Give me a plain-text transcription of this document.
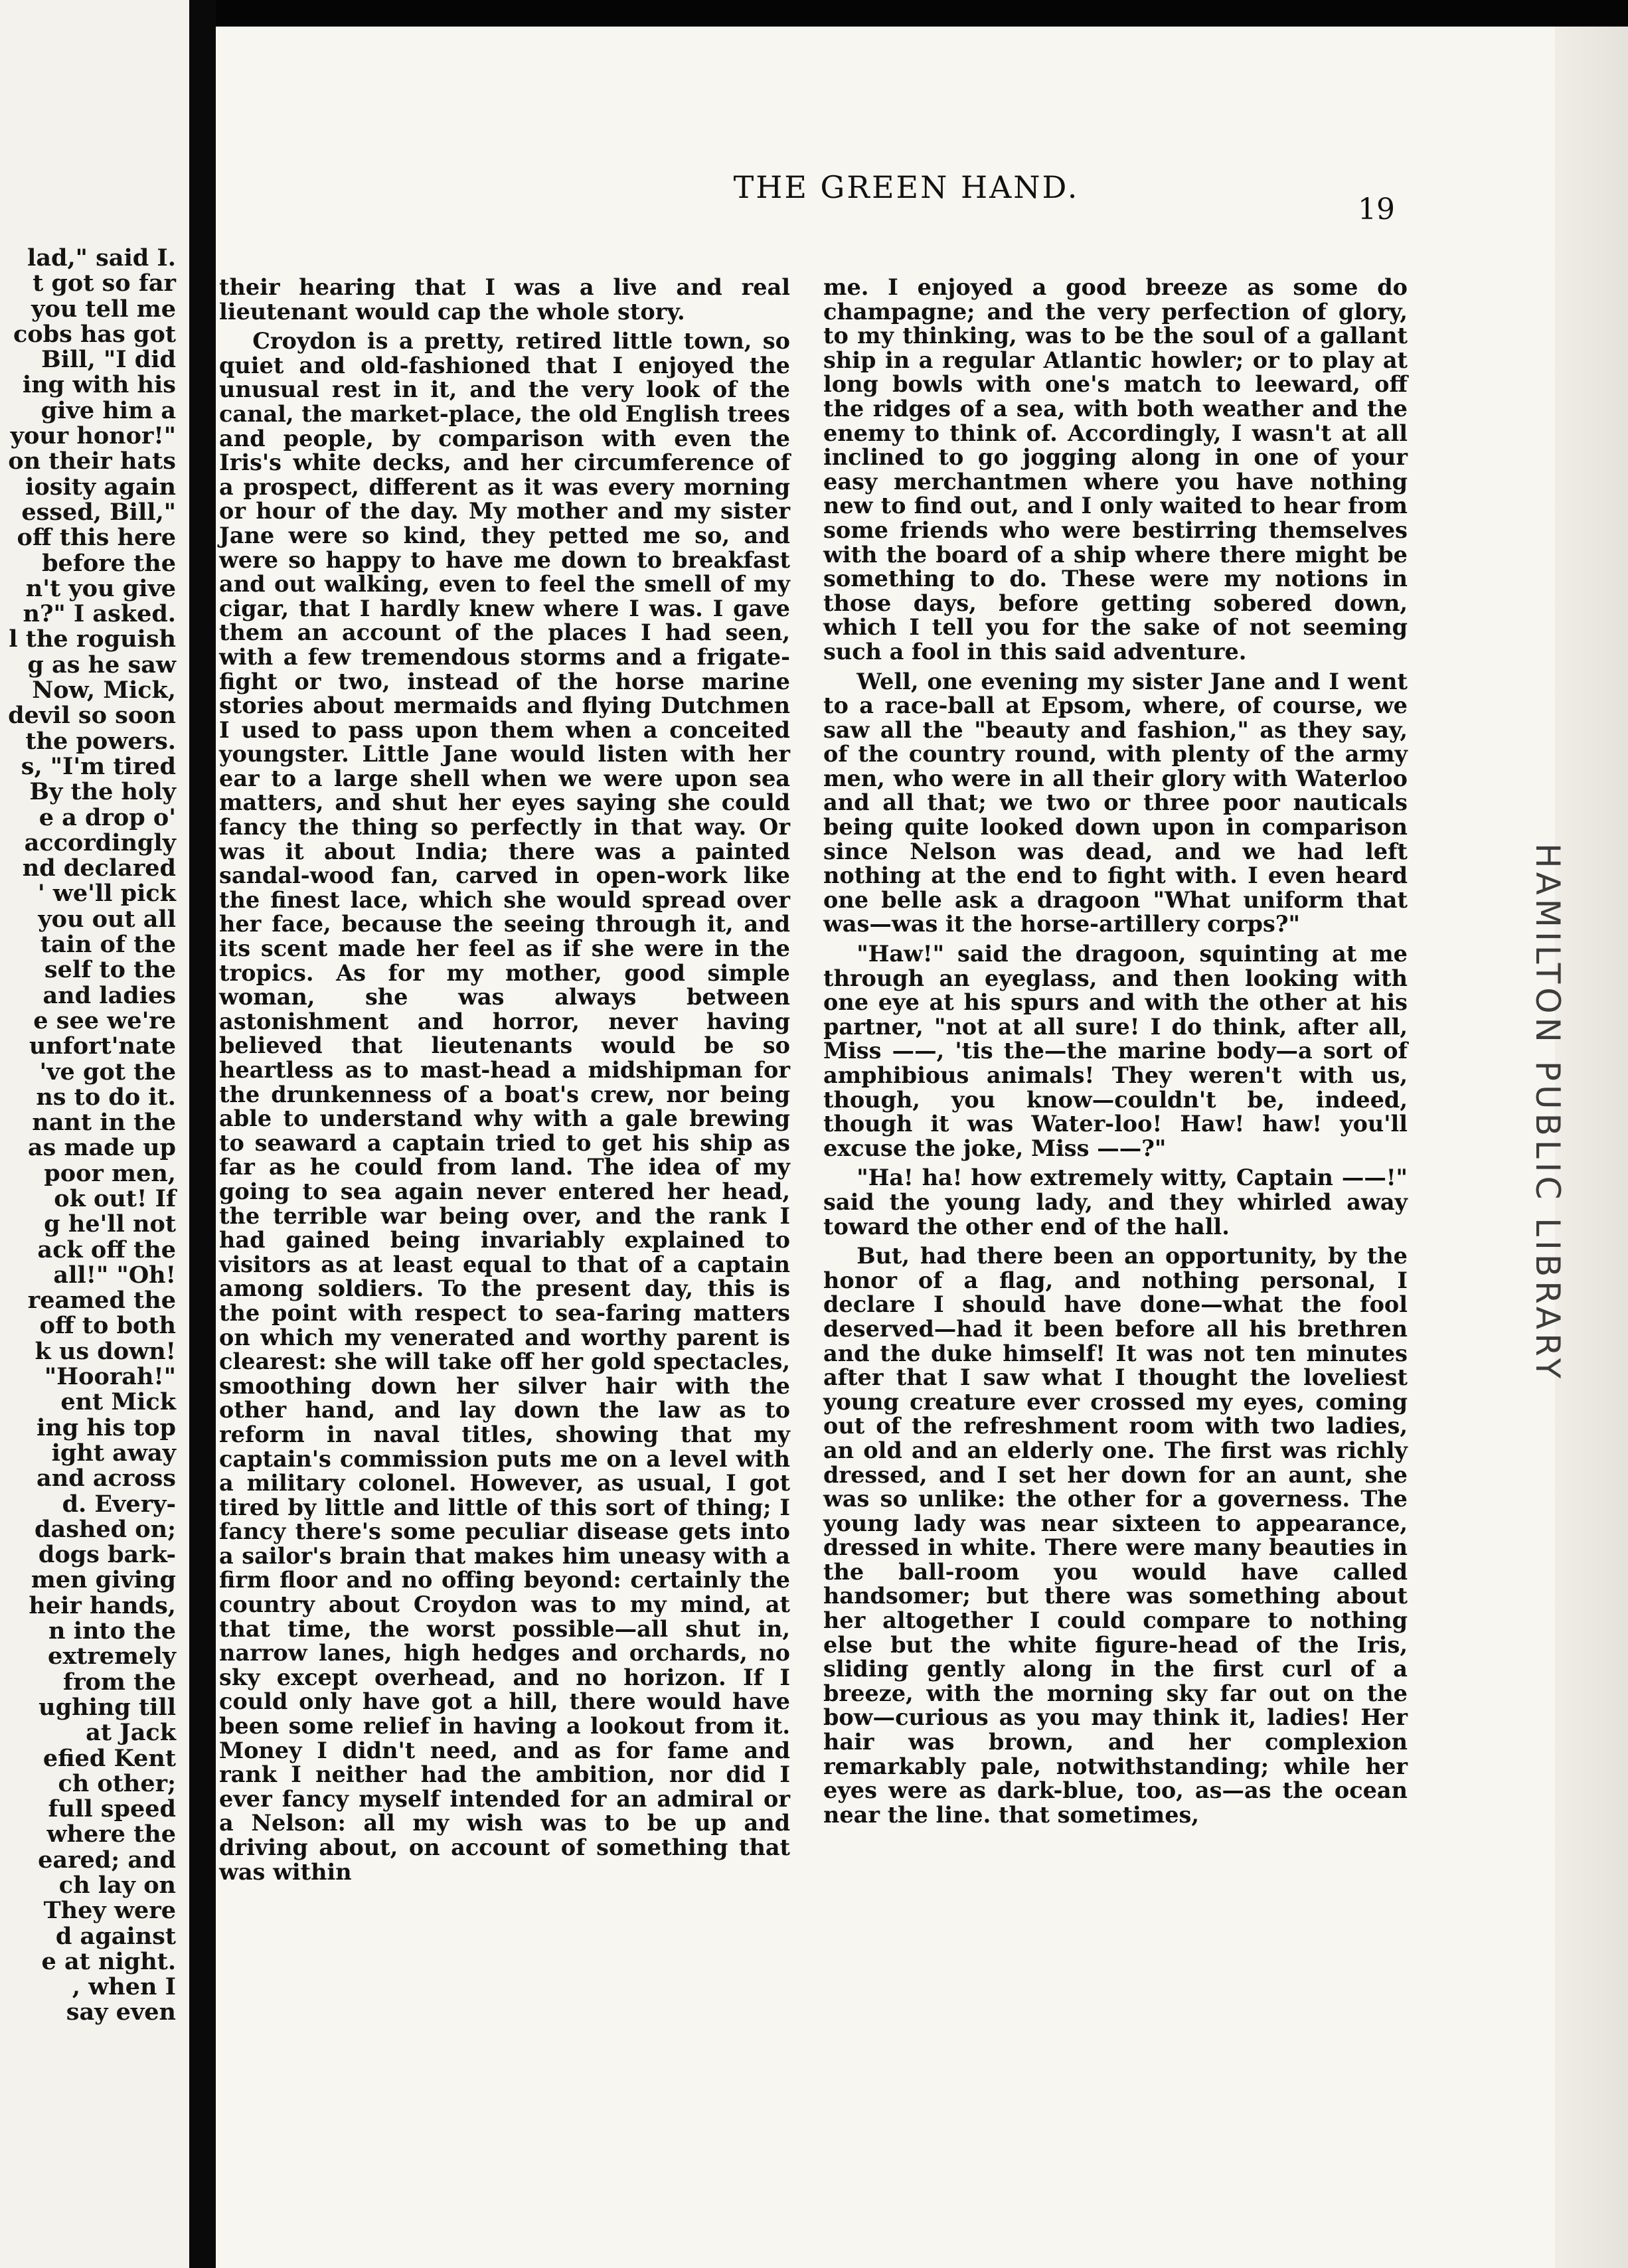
lad," said I.
t got so far
you tell me
cobs has got
Bill, "I did
ing with his
give him a
your honor!"
on their hats
iosity again
essed, Bill,"
off this here
before the
n't you give
n?" I asked.
l the roguish
g as he saw
Now, Mick,
devil so soon
the powers.
s, "I'm tired
By the holy
e a drop o'
accordingly
nd declared
' we'll pick
you out all
tain of the
self to the
and ladies
e see we're
unfort'nate
've got the
ns to do it.
nant in the
as made up
poor men,
ok out! If
g he'll not
ack off the
all!" "Oh!
reamed the
off to both
k us down!
"Hoorah!"
ent Mick
ing his top
ight away
and across
d. Every-
dashed on;
dogs bark-
men giving
heir hands,
n into the
extremely
from the
ughing till
at Jack
efied Kent
ch other;
full speed
where the
eared; and
ch lay on
They were
d against
e at night.
, when I
say even
THE GREEN HAND.
19

their hearing that I was a live and real lieutenant would cap the whole story.

Croydon is a pretty, retired little town, so quiet and old-fashioned that I enjoyed the unusual rest in it, and the very look of the canal, the market-place, the old English trees and people, by comparison with even the Iris's white decks, and her circumference of a prospect, different as it was every morning or hour of the day. My mother and my sister Jane were so kind, they petted me so, and were so happy to have me down to breakfast and out walking, even to feel the smell of my cigar, that I hardly knew where I was. I gave them an account of the places I had seen, with a few tremendous storms and a frigate-fight or two, instead of the horse marine stories about mermaids and flying Dutchmen I used to pass upon them when a conceited youngster. Little Jane would listen with her ear to a large shell when we were upon sea matters, and shut her eyes saying she could fancy the thing so perfectly in that way. Or was it about India; there was a painted sandal-wood fan, carved in open-work like the finest lace, which she would spread over her face, because the seeing through it, and its scent made her feel as if she were in the tropics. As for my mother, good simple woman, she was always between astonishment and horror, never having believed that lieutenants would be so heartless as to mast-head a midshipman for the drunkenness of a boat's crew, nor being able to understand why with a gale brewing to seaward a captain tried to get his ship as far as he could from land. The idea of my going to sea again never entered her head, the terrible war being over, and the rank I had gained being invariably explained to visitors as at least equal to that of a captain among soldiers. To the present day, this is the point with respect to sea-faring matters on which my venerated and worthy parent is clearest: she will take off her gold spectacles, smoothing down her silver hair with the other hand, and lay down the law as to reform in naval titles, showing that my captain's commission puts me on a level with a military colonel. However, as usual, I got tired by little and little of this sort of thing; I fancy there's some peculiar disease gets into a sailor's brain that makes him uneasy with a firm floor and no offing beyond: certainly the country about Croydon was to my mind, at that time, the worst possible—all shut in, narrow lanes, high hedges and orchards, no sky except overhead, and no horizon. If I could only have got a hill, there would have been some relief in having a lookout from it. Money I didn't need, and as for fame and rank I neither had the ambition, nor did I ever fancy myself intended for an admiral or a Nelson: all my wish was to be up and driving about, on account of something that was within

me. I enjoyed a good breeze as some do champagne; and the very perfection of glory, to my thinking, was to be the soul of a gallant ship in a regular Atlantic howler; or to play at long bowls with one's match to leeward, off the ridges of a sea, with both weather and the enemy to think of. Accordingly, I wasn't at all inclined to go jogging along in one of your easy merchantmen where you have nothing new to find out, and I only waited to hear from some friends who were bestirring themselves with the board of a ship where there might be something to do. These were my notions in those days, before getting sobered down, which I tell you for the sake of not seeming such a fool in this said adventure.

Well, one evening my sister Jane and I went to a race-ball at Epsom, where, of course, we saw all the "beauty and fashion," as they say, of the country round, with plenty of the army men, who were in all their glory with Waterloo and all that; we two or three poor nauticals being quite looked down upon in comparison since Nelson was dead, and we had left nothing at the end to fight with. I even heard one belle ask a dragoon "What uniform that was—was it the horse-artillery corps?"

"Haw!" said the dragoon, squinting at me through an eyeglass, and then looking with one eye at his spurs and with the other at his partner, "not at all sure! I do think, after all, Miss ——, 'tis the—the marine body—a sort of amphibious animals! They weren't with us, though, you know—couldn't be, indeed, though it was Water-loo! Haw! haw! you'll excuse the joke, Miss ——?"

"Ha! ha! how extremely witty, Captain ——!" said the young lady, and they whirled away toward the other end of the hall.

But, had there been an opportunity, by the honor of a flag, and nothing personal, I declare I should have done—what the fool deserved—had it been before all his brethren and the duke himself! It was not ten minutes after that I saw what I thought the loveliest young creature ever crossed my eyes, coming out of the refreshment room with two ladies, an old and an elderly one. The first was richly dressed, and I set her down for an aunt, she was so unlike: the other for a governess. The young lady was near sixteen to appearance, dressed in white. There were many beauties in the ball-room you would have called handsomer; but there was something about her altogether I could compare to nothing else but the white figure-head of the Iris, sliding gently along in the first curl of a breeze, with the morning sky far out on the bow—curious as you may think it, ladies! Her hair was brown, and her complexion remarkably pale, notwithstanding; while her eyes were as dark-blue, too, as—as the ocean near the line. that sometimes,

HAMILTON PUBLIC LIBRARY
